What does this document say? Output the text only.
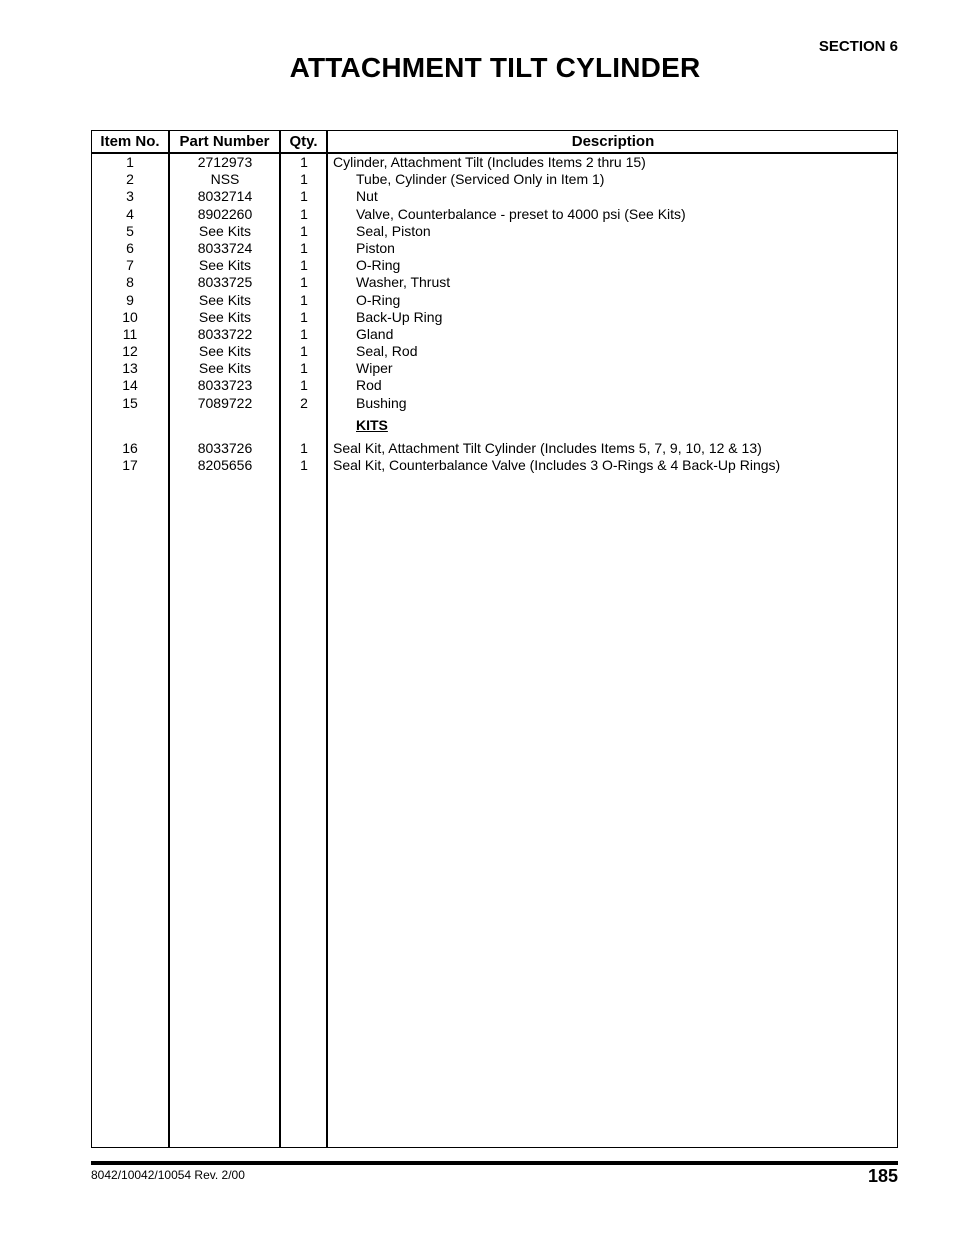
SECTION 6
ATTACHMENT TILT CYLINDER
Item No.	Part Number	Qty.	Description
1	2712973	1	Cylinder, Attachment Tilt (Includes Items 2 thru 15)
2	NSS	1	Tube, Cylinder (Serviced Only in Item 1)
3	8032714	1	Nut
4	8902260	1	Valve, Counterbalance - preset to 4000 psi (See Kits)
5	See Kits	1	Seal, Piston
6	8033724	1	Piston
7	See Kits	1	O-Ring
8	8033725	1	Washer, Thrust
9	See Kits	1	O-Ring
10	See Kits	1	Back-Up Ring
11	8033722	1	Gland
12	See Kits	1	Seal, Rod
13	See Kits	1	Wiper
14	8033723	1	Rod
15	7089722	2	Bushing
KITS
16	8033726	1	Seal Kit, Attachment Tilt Cylinder (Includes Items 5, 7, 9, 10, 12 & 13)
17	8205656	1	Seal Kit, Counterbalance Valve (Includes 3 O-Rings & 4 Back-Up Rings)
8042/10042/10054 Rev. 2/00	185
